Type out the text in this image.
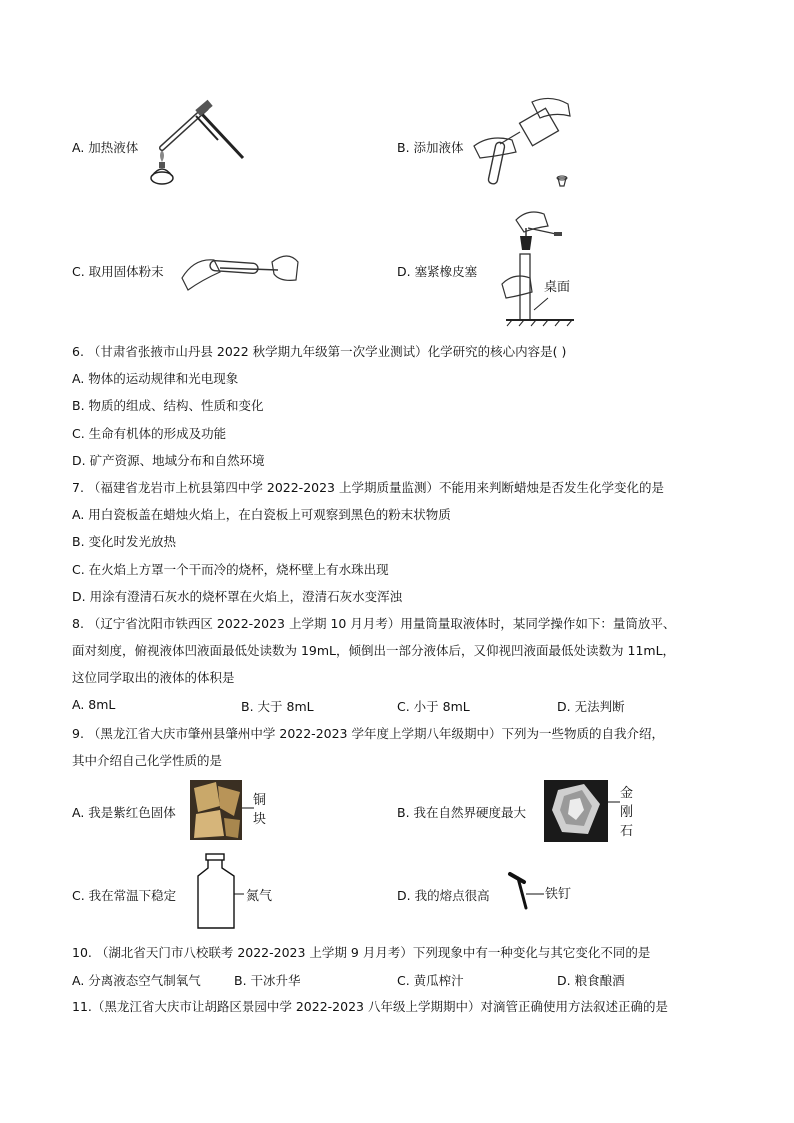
A. 加热液体	B. 添加液体
C. 取用固体粉末	D. 塞紧橡皮塞
桌面
6. （甘肃省张掖市山丹县 2022 秋学期九年级第一次学业测试）化学研究的核心内容是( )
A. 物体的运动规律和光电现象
B. 物质的组成、结构、性质和变化
C. 生命有机体的形成及功能
D. 矿产资源、地域分布和自然环境
7. （福建省龙岩市上杭县第四中学 2022-2023 上学期质量监测）不能用来判断蜡烛是否发生化学变化的是
A. 用白瓷板盖在蜡烛火焰上，在白瓷板上可观察到黑色的粉末状物质
B. 变化时发光放热
C. 在火焰上方罩一个干而冷的烧杯，烧杯壁上有水珠出现
D. 用涂有澄清石灰水的烧杯罩在火焰上，澄清石灰水变浑浊
8. （辽宁省沈阳市铁西区 2022-2023 上学期 10 月月考）用量筒量取液体时，某同学操作如下：量筒放平、
面对刻度，俯视液体凹液面最低处读数为 19mL，倾倒出一部分液体后，又仰视凹液面最低处读数为 11mL，
这位同学取出的液体的体积是
A. 8mL	B. 大于 8mL	C. 小于 8mL	D. 无法判断
9. （黑龙江省大庆市肇州县肇州中学 2022-2023 学年度上学期八年级期中）下列为一些物质的自我介绍，
其中介绍自己化学性质的是
A. 我是紫红色固体
铜
块	B. 我在自然界硬度最大
金
刚
石
C. 我在常温下稳定	氮气	D. 我的熔点很高	铁钉
10. （湖北省天门市八校联考 2022-2023 上学期 9 月月考）下列现象中有一种变化与其它变化不同的是
A. 分离液态空气制氧气	B. 干冰升华	C. 黄瓜榨汁	D. 粮食酿酒
11.（黑龙江省大庆市让胡路区景园中学 2022-2023 八年级上学期期中）对滴管正确使用方法叙述正确的是
